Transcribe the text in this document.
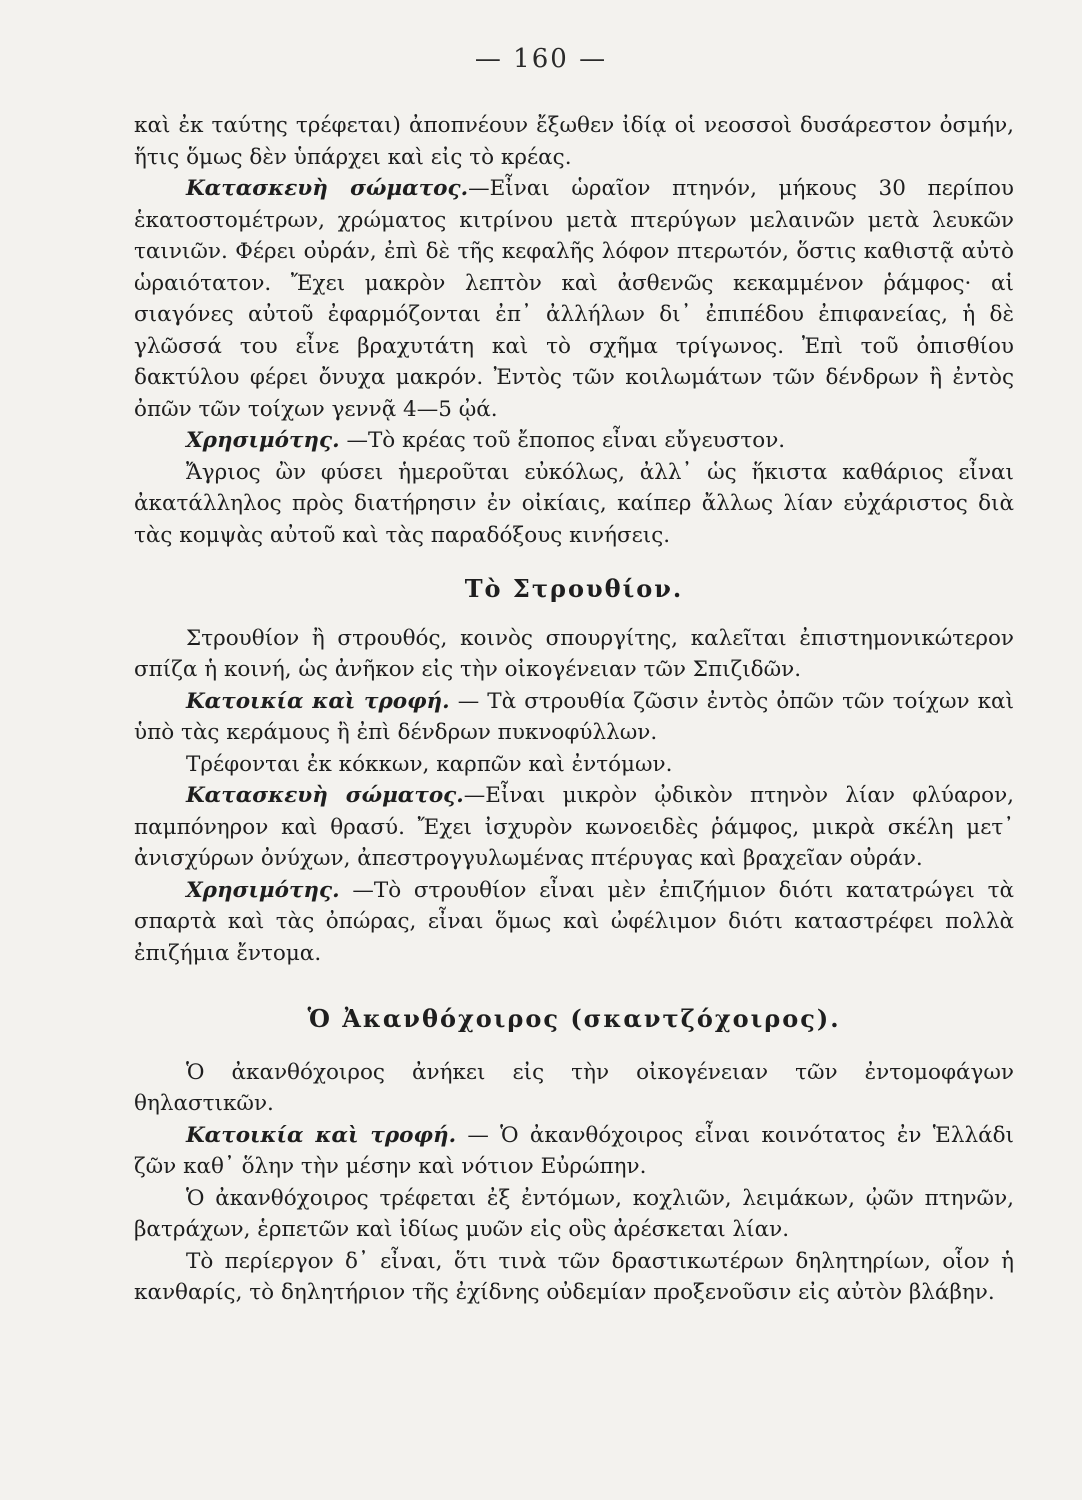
— 160 —

καὶ ἐκ ταύτης τρέφεται) ἀποπνέουν ἔξωθεν ἰδίᾳ οἱ νεοσσοὶ δυσάρεστον ὀσμήν, ἥτις ὅμως δὲν ὑπάρχει καὶ εἰς τὸ κρέας.

Κατασκευὴ σώματος.—Εἶναι ὡραῖον πτηνόν, μήκους 30 περίπου ἑκατοστομέτρων, χρώματος κιτρίνου μετὰ πτερύγων μελαινῶν μετὰ λευκῶν ταινιῶν. Φέρει οὐράν, ἐπὶ δὲ τῆς κεφαλῆς λόφον πτερωτόν, ὅστις καθιστᾷ αὐτὸ ὡραιότατον. Ἔχει μακρὸν λεπτὸν καὶ ἀσθενῶς κεκαμμένον ῥάμφος· αἱ σιαγόνες αὐτοῦ ἐφαρμόζονται ἐπ᾽ ἀλλήλων δι᾽ ἐπιπέδου ἐπιφανείας, ἡ δὲ γλῶσσά του εἶνε βραχυτάτη καὶ τὸ σχῆμα τρίγωνος. Ἐπὶ τοῦ ὀπισθίου δακτύλου φέρει ὄνυχα μακρόν. Ἐντὸς τῶν κοιλωμάτων τῶν δένδρων ἢ ἐντὸς ὀπῶν τῶν τοίχων γεννᾷ 4—5 ᾠά.

Χρησιμότης. —Τὸ κρέας τοῦ ἔποπος εἶναι εὔγευστον.

Ἄγριος ὢν φύσει ἡμεροῦται εὐκόλως, ἀλλ᾽ ὡς ἥκιστα καθάριος εἶναι ἀκατάλληλος πρὸς διατήρησιν ἐν οἰκίαις, καίπερ ἄλλως λίαν εὐχάριστος διὰ τὰς κομψὰς αὐτοῦ καὶ τὰς παραδόξους κινήσεις.

Τὸ Στρουθίον.

Στρουθίον ἢ στρουθός, κοινὸς σπουργίτης, καλεῖται ἐπιστημονικώτερον σπίζα ἡ κοινή, ὡς ἀνῆκον εἰς τὴν οἰκογένειαν τῶν Σπιζιδῶν.

Κατοικία καὶ τροφή. — Τὰ στρουθία ζῶσιν ἐντὸς ὀπῶν τῶν τοίχων καὶ ὑπὸ τὰς κεράμους ἢ ἐπὶ δένδρων πυκνοφύλλων.

Τρέφονται ἐκ κόκκων, καρπῶν καὶ ἐντόμων.

Κατασκευὴ σώματος.—Εἶναι μικρὸν ᾠδικὸν πτηνὸν λίαν φλύαρον, παμπόνηρον καὶ θρασύ. Ἔχει ἰσχυρὸν κωνοειδὲς ῥάμφος, μικρὰ σκέλη μετ᾽ ἀνισχύρων ὀνύχων, ἀπεστρογγυλωμένας πτέρυγας καὶ βραχεῖαν οὐράν.

Χρησιμότης. —Τὸ στρουθίον εἶναι μὲν ἐπιζήμιον διότι κατατρώγει τὰ σπαρτὰ καὶ τὰς ὀπώρας, εἶναι ὅμως καὶ ὠφέλιμον διότι καταστρέφει πολλὰ ἐπιζήμια ἔντομα.

Ὁ Ἀκανθόχοιρος (σκαντζόχοιρος).

Ὁ ἀκανθόχοιρος ἀνήκει εἰς τὴν οἰκογένειαν τῶν ἐντομοφάγων θηλαστικῶν.

Κατοικία καὶ τροφή. — Ὁ ἀκανθόχοιρος εἶναι κοινότατος ἐν Ἑλλάδι ζῶν καθ᾽ ὅλην τὴν μέσην καὶ νότιον Εὐρώπην.

Ὁ ἀκανθόχοιρος τρέφεται ἐξ ἐντόμων, κοχλιῶν, λειμάκων, ᾠῶν πτηνῶν, βατράχων, ἑρπετῶν καὶ ἰδίως μυῶν εἰς οὓς ἀρέσκεται λίαν.

Τὸ περίεργον δ᾽ εἶναι, ὅτι τινὰ τῶν δραστικωτέρων δηλητηρίων, οἷον ἡ κανθαρίς, τὸ δηλητήριον τῆς ἐχίδνης οὐδεμίαν προξενοῦσιν εἰς αὐτὸν βλάβην.
